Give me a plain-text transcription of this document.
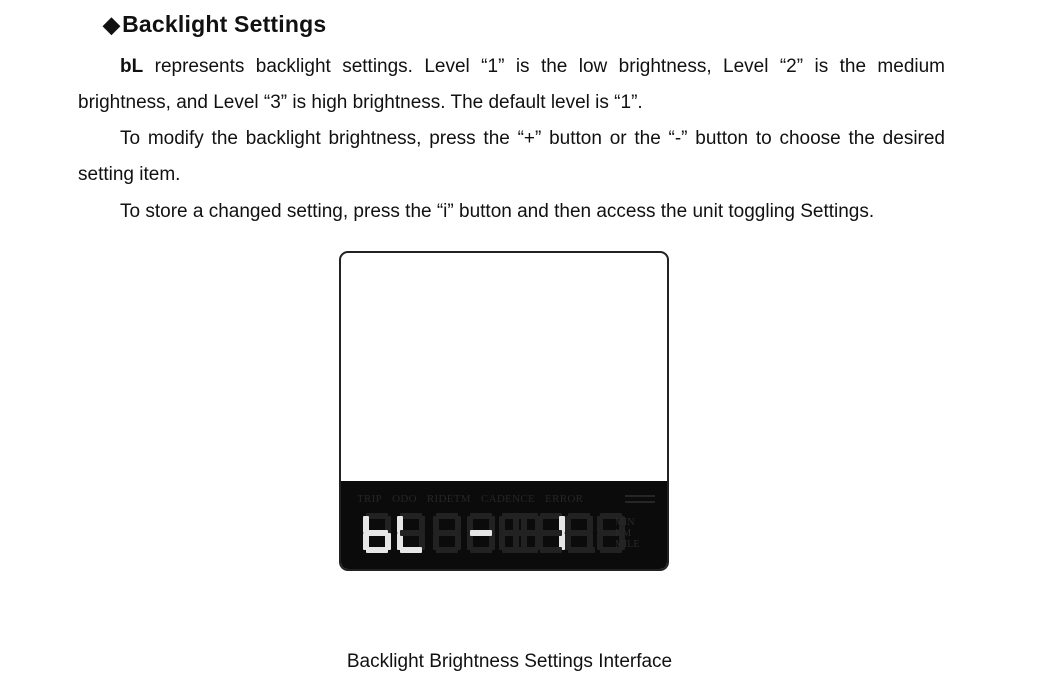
◆Backlight Settings

bL represents backlight settings. Level “1” is the low brightness, Level “2” is the medium brightness, and Level “3” is high brightness. The default level is “1”.

To modify the backlight brightness, press the “+” button or the “-” button to choose the desired setting item.

To store a changed setting, press the “i” button and then access the unit toggling Settings.

TRIP ODO RIDETM CADENCE ERROR
MIN
KM
MILE
Backlight Brightness Settings Interface
